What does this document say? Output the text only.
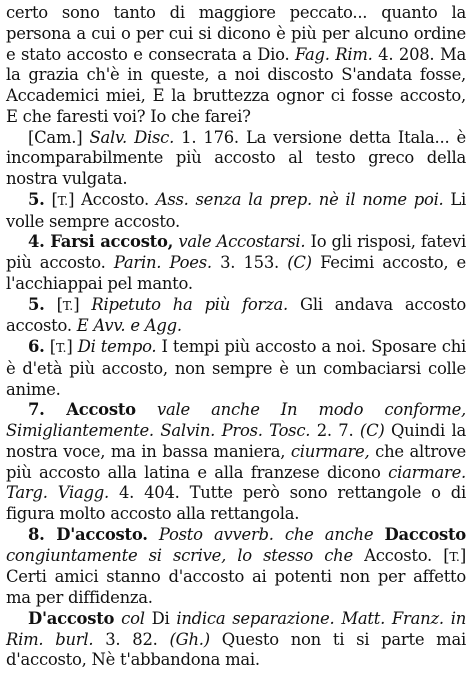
certo sono tanto di maggiore peccato... quanto la persona a cui o per cui si dicono è più per alcuno ordine e stato accosto e consecrata a Dio. Fag. Rim. 4. 208. Ma la grazia ch'è in queste, a noi discosto S'andata fosse, Accademici miei, E la bruttezza ognor ci fosse accosto, E che faresti voi? Io che farei?

[Cam.] Salv. Disc. 1. 176. La versione detta Itala... è incomparabilmente più accosto al testo greco della nostra vulgata.

5. [T.] Accosto. Ass. senza la prep. nè il nome poi. Li volle sempre accosto.

4. Farsi accosto, vale Accostarsi. Io gli risposi, fatevi più accosto. Parin. Poes. 3. 153. (C) Fecimi accosto, e l'acchiappai pel manto.

5. [T.] Ripetuto ha più forza. Gli andava accosto accosto. E Avv. e Agg.

6. [T.] Di tempo. I tempi più accosto a noi. Sposare chi è d'età più accosto, non sempre è un combaciarsi colle anime.

7. Accosto vale anche In modo conforme, Simigliantemente. Salvin. Pros. Tosc. 2. 7. (C) Quindi la nostra voce, ma in bassa maniera, ciurmare, che altrove più accosto alla latina e alla franzese dicono ciarmare. Targ. Viagg. 4. 404. Tutte però sono rettangole o di figura molto accosto alla rettangola.

8. D'accosto. Posto avverb. che anche Daccosto congiuntamente si scrive, lo stesso che Accosto. [T.] Certi amici stanno d'accosto ai potenti non per affetto ma per diffidenza.

D'accosto col Di indica separazione. Matt. Franz. in Rim. burl. 3. 82. (Gh.) Questo non ti si parte mai d'accosto, Nè t'abbandona mai.
